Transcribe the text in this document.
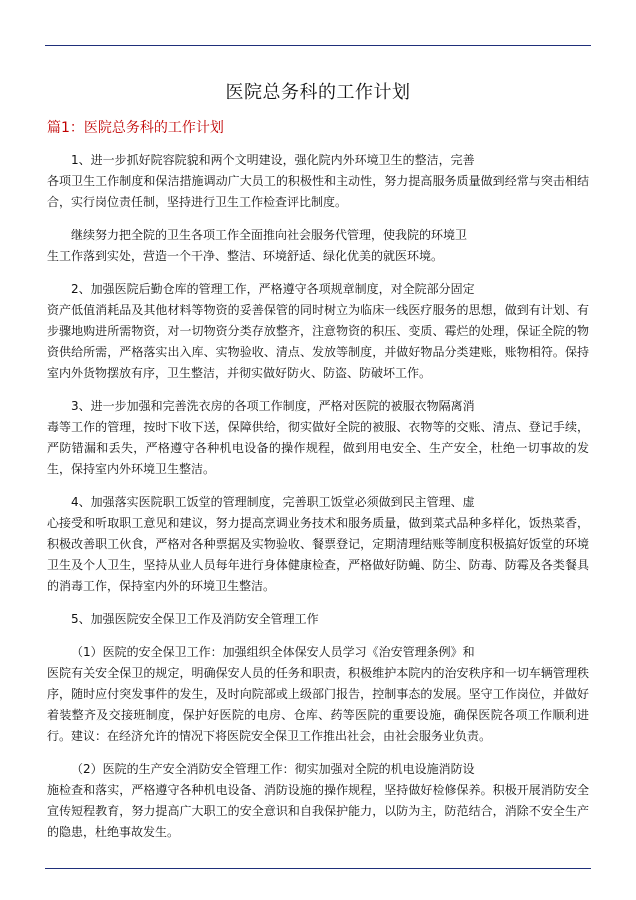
医院总务科的工作计划
篇1：医院总务科的工作计划

1、进一步抓好院容院貌和两个文明建设，强化院内外环境卫生的整洁，完善
各项卫生工作制度和保洁措施调动广大员工的积极性和主动性，努力提高服务质量做到经常与突击相结合，实行岗位责任制，坚持进行卫生工作检查评比制度。

继续努力把全院的卫生各项工作全面推向社会服务代管理，使我院的环境卫
生工作落到实处，营造一个干净、整洁、环境舒适、绿化优美的就医环境。

2、加强医院后勤仓库的管理工作，严格遵守各项规章制度，对全院部分固定
资产低值消耗品及其他材料等物资的妥善保管的同时树立为临床一线医疗服务的思想，做到有计划、有步骤地购进所需物资，对一切物资分类存放整齐，注意物资的积压、变质、霉烂的处理，保证全院的物资供给所需，严格落实出入库、实物验收、清点、发放等制度，并做好物品分类建账，账物相符。保持室内外货物摆放有序，卫生整洁，并彻实做好防火、防盗、防破坏工作。

3、进一步加强和完善洗衣房的各项工作制度，严格对医院的被服衣物隔离消
毒等工作的管理，按时下收下送，保障供给，彻实做好全院的被服、衣物等的交账、清点、登记手续，严防错漏和丢失，严格遵守各种机电设备的操作规程，做到用电安全、生产安全，杜绝一切事故的发生，保持室内外环境卫生整洁。

4、加强落实医院职工饭堂的管理制度，完善职工饭堂必须做到民主管理、虚
心接受和听取职工意见和建议，努力提高烹调业务技术和服务质量，做到菜式品种多样化，饭热菜香，积极改善职工伙食，严格对各种票据及实物验收、餐票登记，定期清理结账等制度积极搞好饭堂的环境卫生及个人卫生，坚持从业人员每年进行身体健康检查，严格做好防蝇、防尘、防毒、防霉及各类餐具的消毒工作，保持室内外的环境卫生整洁。

5、加强医院安全保卫工作及消防安全管理工作

（1）医院的安全保卫工作：加强组织全体保安人员学习《治安管理条例》和
医院有关安全保卫的规定，明确保安人员的任务和职责，积极维护本院内的治安秩序和一切车辆管理秩序，随时应付突发事件的发生，及时向院部或上级部门报告，控制事态的发展。坚守工作岗位，并做好着装整齐及交接班制度，保护好医院的电房、仓库、药等医院的重要设施，确保医院各项工作顺利进行。建议：在经济允许的情况下将医院安全保卫工作推出社会，由社会服务业负责。

（2）医院的生产安全消防安全管理工作：彻实加强对全院的机电设施消防设
施检查和落实，严格遵守各种机电设备、消防设施的操作规程，坚持做好检修保养。积极开展消防安全宣传短程教育，努力提高广大职工的安全意识和自我保护能力，以防为主，防范结合，消除不安全生产的隐患，杜绝事故发生。
